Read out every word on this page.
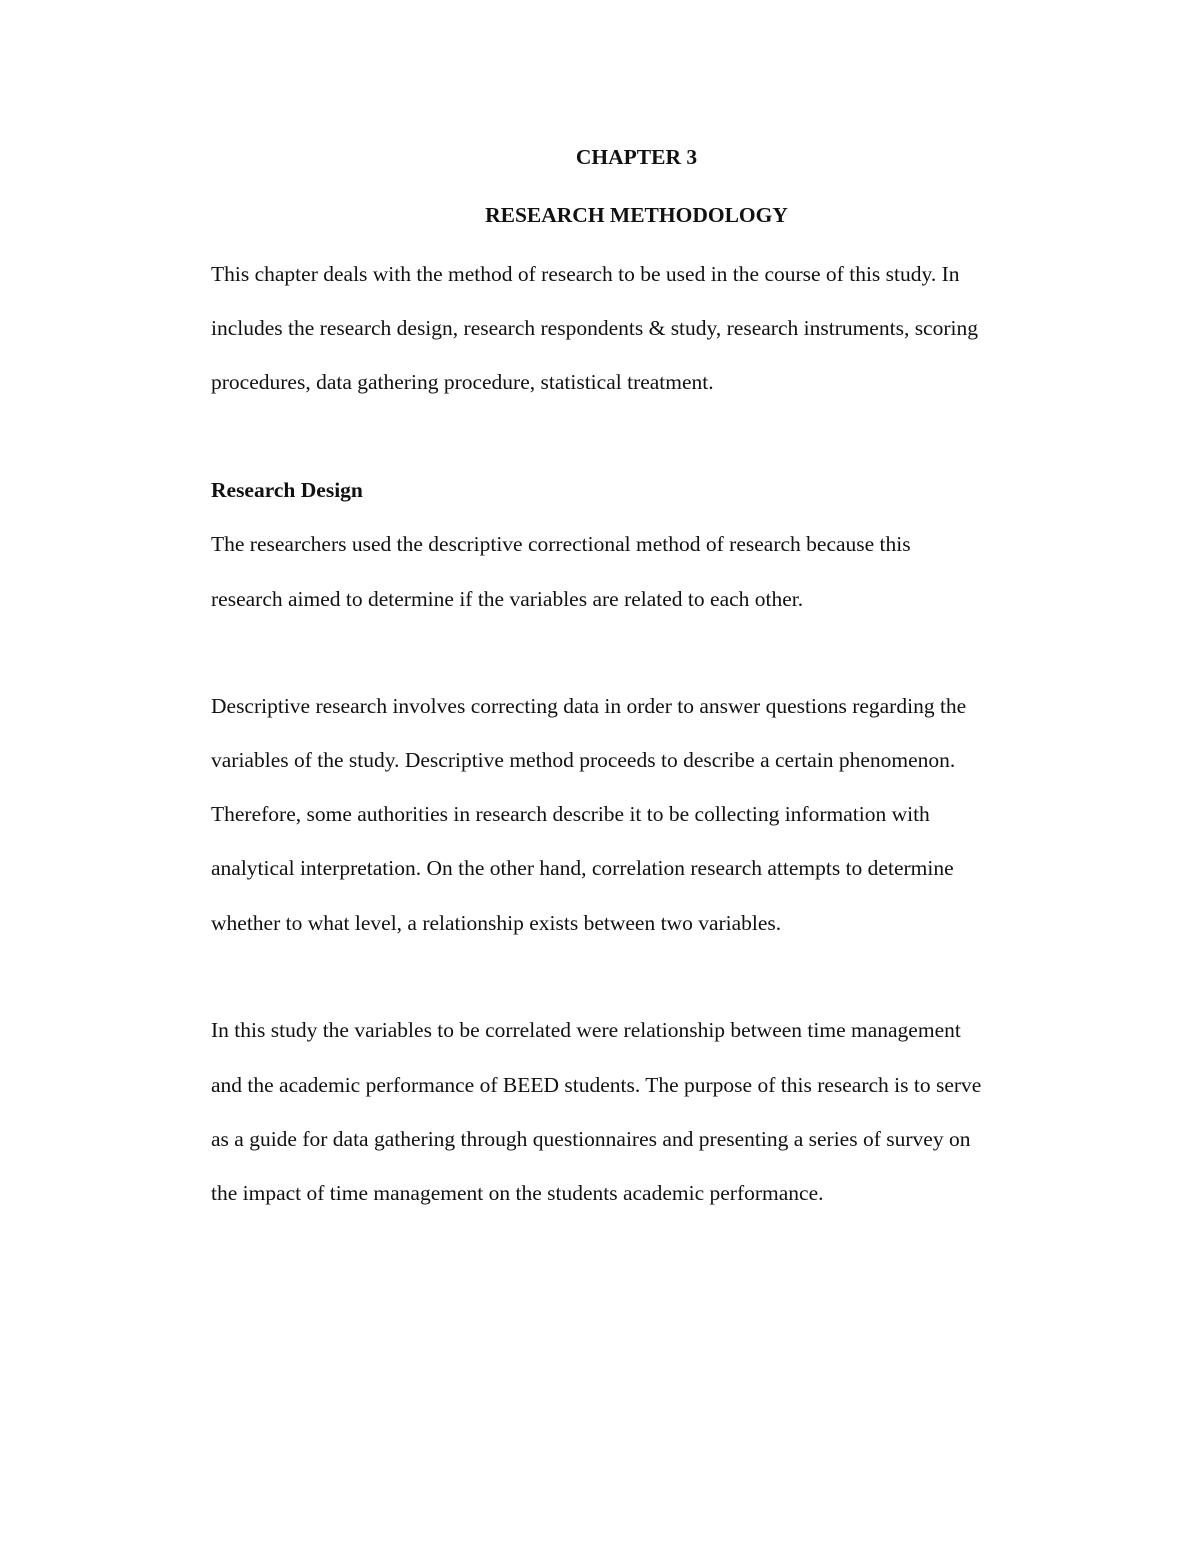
CHAPTER 3
RESEARCH METHODOLOGY
This chapter deals with the method of research to be used in the course of this study. In
includes the research design, research respondents & study, research instruments, scoring
procedures, data gathering procedure, statistical treatment.
Research Design
The researchers used the descriptive correctional method of research because this
research aimed to determine if the variables are related to each other.
Descriptive research involves correcting data in order to answer questions regarding the
variables of the study. Descriptive method proceeds to describe a certain phenomenon.
Therefore, some authorities in research describe it to be collecting information with
analytical interpretation. On the other hand, correlation research attempts to determine
whether to what level, a relationship exists between two variables.
In this study the variables to be correlated were relationship between time management
and the academic performance of BEED students. The purpose of this research is to serve
as a guide for data gathering through questionnaires and presenting a series of survey on
the impact of time management on the students academic performance.
